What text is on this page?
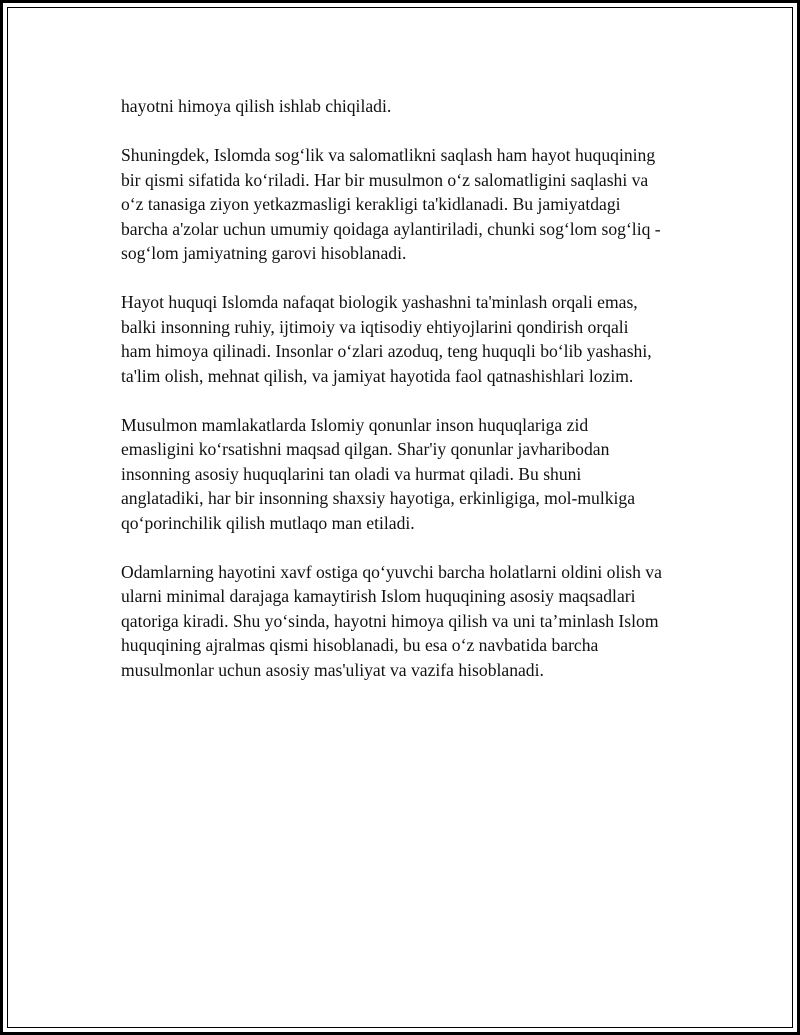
hayotni himoya qilish ishlab chiqiladi.

Shuningdek, Islomda sog‘lik va salomatlikni saqlash ham hayot huquqining
bir qismi sifatida ko‘riladi. Har bir musulmon o‘z salomatligini saqlashi va
o‘z tanasiga ziyon yetkazmasligi kerakligi ta'kidlanadi. Bu jamiyatdagi
barcha a'zolar uchun umumiy qoidaga aylantiriladi, chunki sog‘lom sog‘liq -
sog‘lom jamiyatning garovi hisoblanadi.

Hayot huquqi Islomda nafaqat biologik yashashni ta'minlash orqali emas,
balki insonning ruhiy, ijtimoiy va iqtisodiy ehtiyojlarini qondirish orqali
ham himoya qilinadi. Insonlar o‘zlari azoduq, teng huquqli bo‘lib yashashi,
ta'lim olish, mehnat qilish, va jamiyat hayotida faol qatnashishlari lozim.

Musulmon mamlakatlarda Islomiy qonunlar inson huquqlariga zid
emasligini ko‘rsatishni maqsad qilgan. Shar'iy qonunlar javharibodan
insonning asosiy huquqlarini tan oladi va hurmat qiladi. Bu shuni
anglatadiki, har bir insonning shaxsiy hayotiga, erkinligiga, mol-mulkiga
qo‘porinchilik qilish mutlaqo man etiladi.

Odamlarning hayotini xavf ostiga qo‘yuvchi barcha holatlarni oldini olish va
ularni minimal darajaga kamaytirish Islom huquqining asosiy maqsadlari
qatoriga kiradi. Shu yo‘sinda, hayotni himoya qilish va uni ta’minlash Islom
huquqining ajralmas qismi hisoblanadi, bu esa o‘z navbatida barcha
musulmonlar uchun asosiy mas'uliyat va vazifa hisoblanadi.
